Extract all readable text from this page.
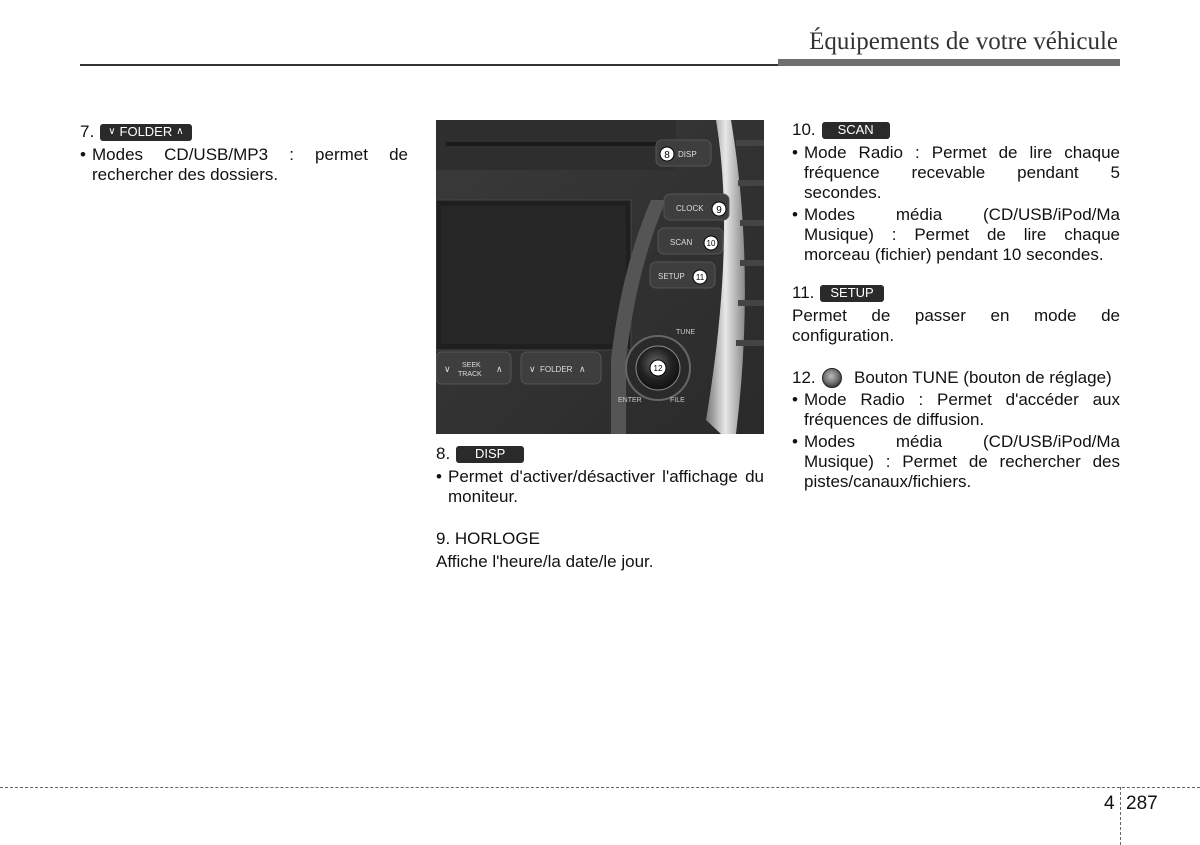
Équipements de votre véhicule
7. ∨ FOLDER ∧
• Modes CD/USB/MP3 : permet de rechercher des dossiers.
DISP
8
CLOCK 9
SCAN 10
SETUP 11
∨ SEEK
TRACK
∧	∨ FOLDER ∧
TUNE
12
ENTER	FILE
8.	DISP
• Permet d'activer/désactiver l'affichage du moniteur.

9. HORLOGE

Affiche l'heure/la date/le jour.

10.	SCAN
• Mode Radio : Permet de lire chaque fréquence recevable pendant 5 secondes.
• Modes média (CD/USB/iPod/Ma Musique) : Permet de lire chaque morceau (fichier) pendant 10 secondes.
11.	SETUP

Permet de passer en mode de configuration.

12.	Bouton TUNE (bouton de réglage)
• Mode Radio : Permet d'accéder aux fréquences de diffusion.
• Modes média (CD/USB/iPod/Ma Musique) : Permet de rechercher des pistes/canaux/fichiers.
4 287
